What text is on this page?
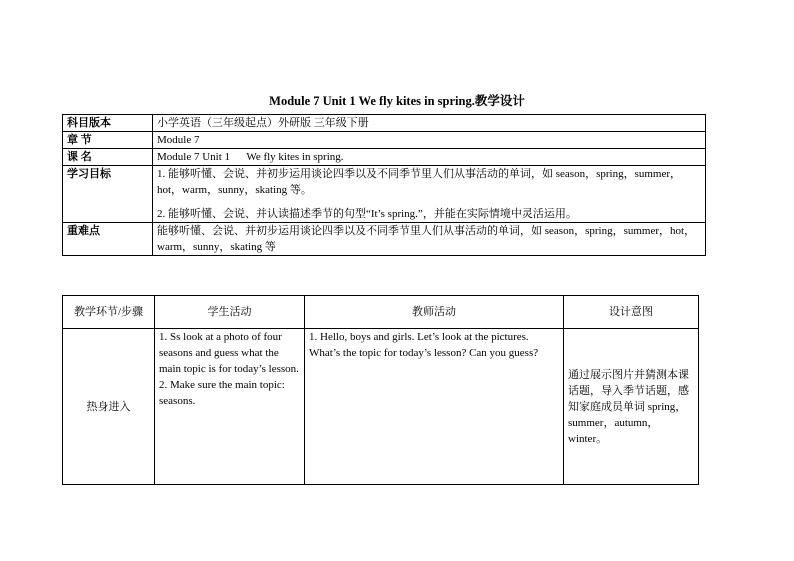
Module 7 Unit 1 We fly kites in spring.教学设计
科目版本	小学英语（三年级起点）外研版 三年级下册
章 节	Module 7
课 名	Module 7 Unit 1      We fly kites in spring.
学习目标	1. 能够听懂、会说、并初步运用谈论四季以及不同季节里人们从事活动的单词，如 season，spring，summer，hot，warm，sunny，skating 等。

2. 能够听懂、会说、并认读描述季节的句型“It’s spring.”，并能在实际情境中灵活运用。

重难点	能够听懂、会说、并初步运用谈论四季以及不同季节里人们从事活动的单词，如 season，spring，summer，hot，warm，sunny，skating 等
教学环节/步骤	学生活动	教师活动	设计意图
热身进入	1. Ss look at a photo of four seasons and guess what the main topic is for today’s lesson.

2. Make sure the main topic: seasons.	1. Hello, boys and girls. Let’s look at the pictures. What’s the topic for today’s lesson? Can you guess?	通过展示图片并猜测本课话题，导入季节话题，感知家庭成员单词 spring，summer，autumn，winter。
